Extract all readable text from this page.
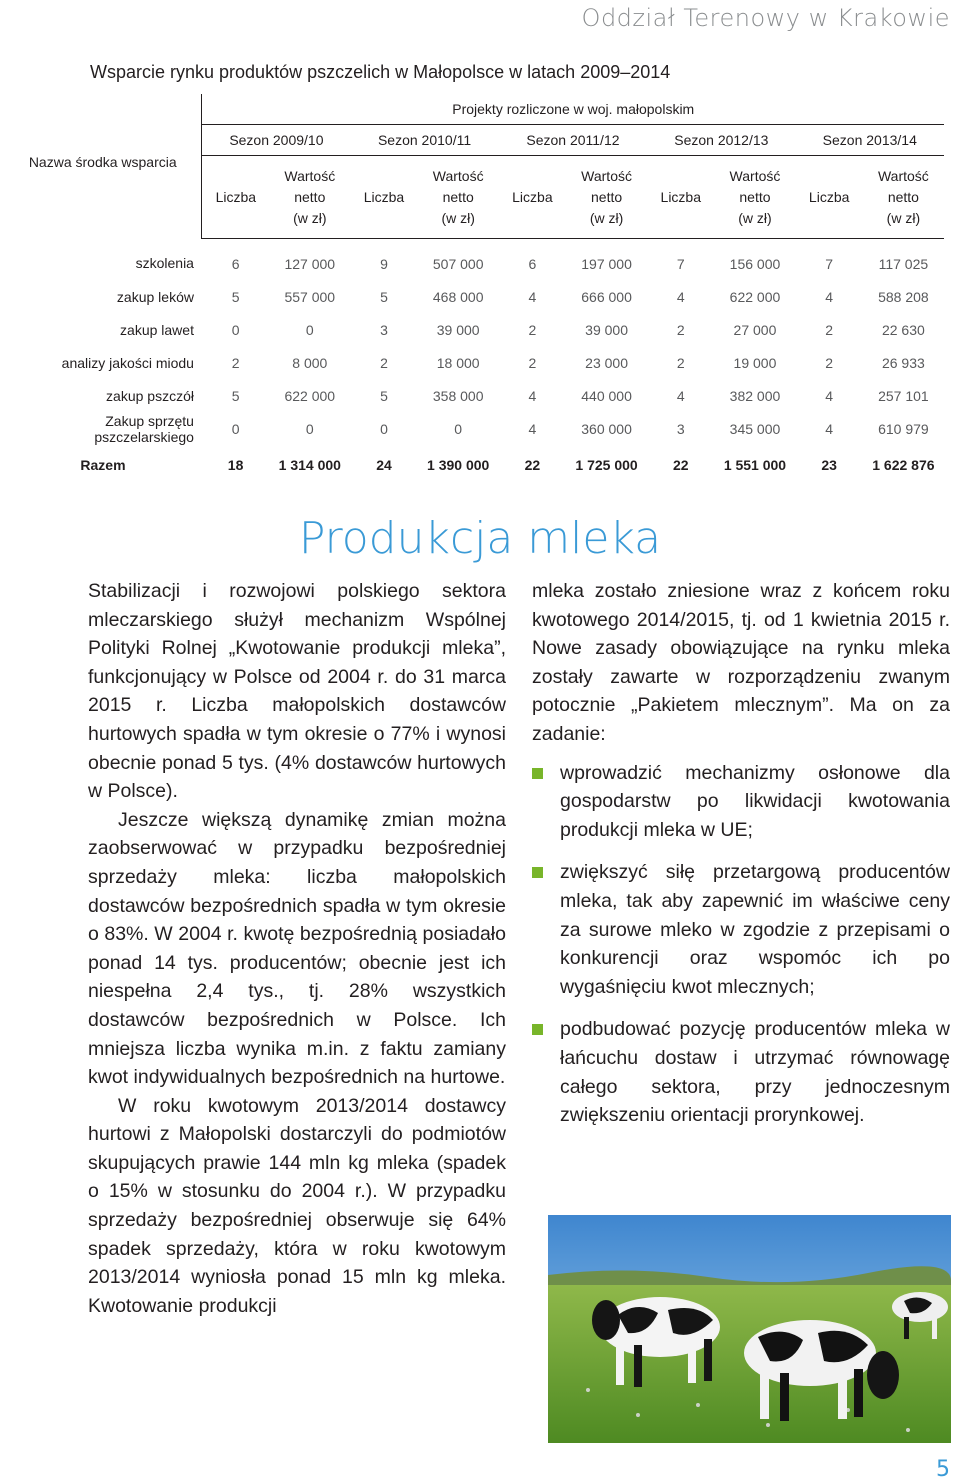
Oddział Terenowy w Krakowie
Wsparcie rynku produktów pszczelich w Małopolsce w latach 2009–2014
Nazwa środka wsparcia	Projekty rozliczone w woj. małopolskim									
	Sezon 2009/10		Sezon 2010/11		Sezon 2011/12		Sezon 2012/13		Sezon 2013/14	
	Liczba	Wartość
netto
(w zł)	Liczba	Wartość
netto
(w zł)	Liczba	Wartość
netto
(w zł)	Liczba	Wartość
netto
(w zł)	Liczba	Wartość
netto
(w zł)
szkolenia	6	127 000	9	507 000	6	197 000	7	156 000	7	117 025
zakup leków	5	557 000	5	468 000	4	666 000	4	622 000	4	588 208
zakup lawet	0	0	3	39 000	2	39 000	2	27 000	2	22 630
analizy jakości miodu	2	8 000	2	18 000	2	23 000	2	19 000	2	26 933
zakup pszczół	5	622 000	5	358 000	4	440 000	4	382 000	4	257 101
Zakup sprzętu pszczelarskiego	0	0	0	0	4	360 000	3	345 000	4	610 979
Razem	18	1 314 000	24	1 390 000	22	1 725 000	22	1 551 000	23	1 622 876
Produkcja mleka

Stabilizacji i rozwojowi polskiego sektora mleczarskiego służył mechanizm Wspólnej Polityki Rolnej „Kwotowanie produkcji mleka”, funkcjonujący w Polsce od 2004 r. do 31 marca 2015 r. Liczba małopolskich dostawców hurtowych spadła w tym okresie o 77% i wynosi obecnie ponad 5 tys. (4% dostawców hurtowych w Polsce).

Jeszcze większą dynamikę zmian można zaobserwować w przypadku bezpośredniej sprzedaży mleka: liczba małopolskich dostawców bezpośrednich spadła w tym okresie o 83%. W 2004 r. kwotę bezpośrednią posiadało ponad 14 tys. producentów; obecnie jest ich niespełna 2,4 tys., tj. 28% wszystkich dostawców bezpośrednich w Polsce. Ich mniejsza liczba wynika m.in. z faktu zamiany kwot indywidualnych bezpośrednich na hurtowe.

W roku kwotowym 2013/2014 dostawcy hurtowi z Małopolski dostarczyli do podmiotów skupujących prawie 144 mln kg mleka (spadek o 15% w stosunku do 2004 r.). W przypadku sprzedaży bezpośredniej obserwuje się 64% spadek sprzedaży, która w roku kwotowym 2013/2014 wyniosła ponad 15 mln kg mleka. Kwotowanie produkcji

mleka zostało zniesione wraz z końcem roku kwotowego 2014/2015, tj. od 1 kwietnia 2015 r. Nowe zasady obowiązujące na rynku mleka zostały zawarte w rozporządzeniu zwanym potocznie „Pakietem mlecznym”. Ma on za zadanie:

wprowadzić mechanizmy osłonowe dla gospodarstw po likwidacji kwotowania produkcji mleka w UE;
zwiększyć siłę przetargową producentów mleka, tak aby zapewnić im właściwe ceny za surowe mleko w zgodzie z przepisami o konkurencji oraz wspomóc ich po wygaśnięciu kwot mlecznych;
podbudować pozycję producentów mleka w łańcuchu dostaw i utrzymać równowagę całego sektora, przy jednoczesnym zwiększeniu orientacji prorynkowej.
5
